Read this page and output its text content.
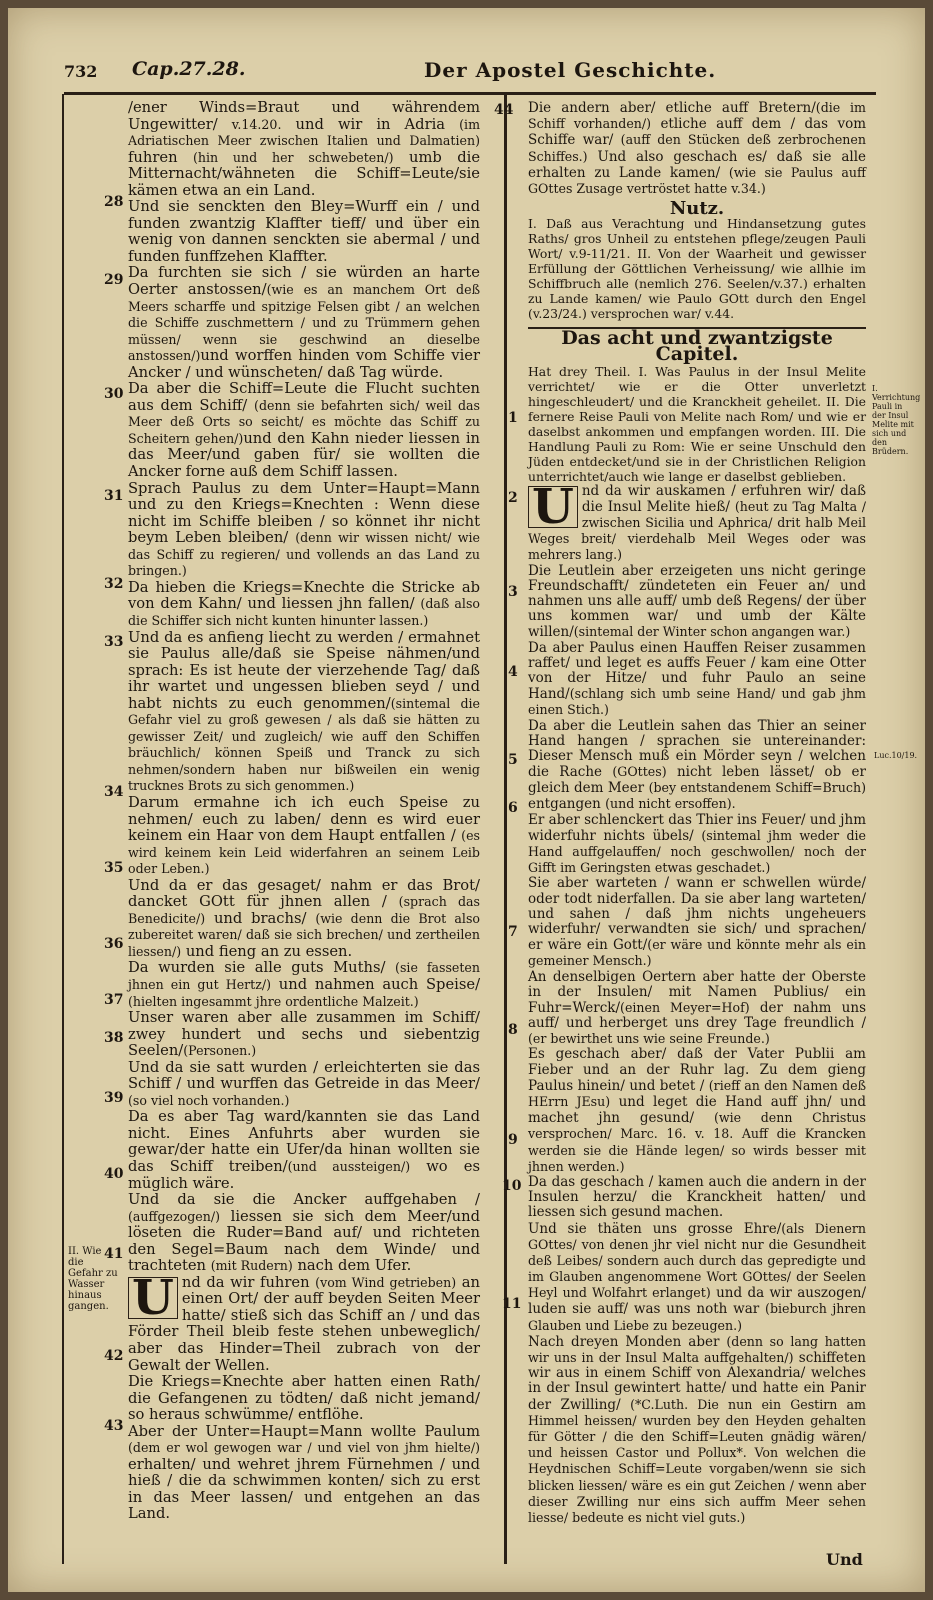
732 Cap.27.28.	Der Apostel Geschichte.

/ener Winds=Braut und währendem Ungewitter/ v.14.20. und wir in Adria (im Adriatischen Meer zwischen Italien und Dalmatien) fuhren (hin und her schwebeten/) umb die Mitternacht/wähneten die Schiff=Leute/sie kämen etwa an ein Land.

Und sie senckten den Bley=Wurff ein / und funden zwantzig Klaffter tieff/ und über ein wenig von dannen senckten sie abermal / und funden funffzehen Klaffter.

Da furchten sie sich / sie würden an harte Oerter anstossen/(wie es an manchem Ort deß Meers scharffe und spitzige Felsen gibt / an welchen die Schiffe zuschmettern / und zu Trümmern gehen müssen/ wenn sie geschwind an dieselbe anstossen/)und worffen hinden vom Schiffe vier Ancker / und wünscheten/ daß Tag würde.

Da aber die Schiff=Leute die Flucht suchten aus dem Schiff/ (denn sie befahrten sich/ weil das Meer deß Orts so seicht/ es möchte das Schiff zu Scheitern gehen/)und den Kahn nieder liessen in das Meer/und gaben für/ sie wollten die Ancker forne auß dem Schiff lassen.

Sprach Paulus zu dem Unter=Haupt=Mann und zu den Kriegs=Knechten : Wenn diese nicht im Schiffe bleiben / so könnet ihr nicht beym Leben bleiben/ (denn wir wissen nicht/ wie das Schiff zu regieren/ und vollends an das Land zu bringen.)

Da hieben die Kriegs=Knechte die Stricke ab von dem Kahn/ und liessen jhn fallen/ (daß also die Schiffer sich nicht kunten hinunter lassen.)

Und da es anfieng liecht zu werden / ermahnet sie Paulus alle/daß sie Speise nähmen/und sprach: Es ist heute der vierzehende Tag/ daß ihr wartet und ungessen blieben seyd / und habt nichts zu euch genommen/(sintemal die Gefahr viel zu groß gewesen / als daß sie hätten zu gewisser Zeit/ und zugleich/ wie auff den Schiffen bräuchlich/ können Speiß und Tranck zu sich nehmen/sondern haben nur bißweilen ein wenig trucknes Brots zu sich genommen.)

Darum ermahne ich ich euch Speise zu nehmen/ euch zu laben/ denn es wird euer keinem ein Haar von dem Haupt entfallen / (es wird keinem kein Leid widerfahren an seinem Leib oder Leben.)

Und da er das gesaget/ nahm er das Brot/ dancket GOtt für jhnen allen / (sprach das Benedicite/) und brachs/ (wie denn die Brot also zubereitet waren/ daß sie sich brechen/ und zertheilen liessen/) und fieng an zu essen.

Da wurden sie alle guts Muths/ (sie fasseten jhnen ein gut Hertz/) und nahmen auch Speise/ (hielten ingesammt jhre ordentliche Malzeit.)

Unser waren aber alle zusammen im Schiff/ zwey hundert und sechs und siebentzig Seelen/(Personen.)

Und da sie satt wurden / erleichterten sie das Schiff / und wurffen das Getreide in das Meer/ (so viel noch vorhanden.)

Da es aber Tag ward/kannten sie das Land nicht. Eines Anfuhrts aber wurden sie gewar/der hatte ein Ufer/da hinan wollten sie das Schiff treiben/(und aussteigen/) wo es müglich wäre.

Und da sie die Ancker auffgehaben / (auffgezogen/) liessen sie sich dem Meer/und löseten die Ruder=Band auf/ und richteten den Segel=Baum nach dem Winde/ und trachteten (mit Rudern) nach dem Ufer.

U nd da wir fuhren (vom Wind getrieben) an einen Ort/ der auff beyden Seiten Meer hatte/ stieß sich das Schiff an / und das Förder Theil bleib feste stehen unbeweglich/ aber das Hinder=Theil zubrach von der Gewalt der Wellen.

Die Kriegs=Knechte aber hatten einen Rath/ die Gefangenen zu tödten/ daß nicht jemand/ so heraus schwümme/ entflöhe.

Aber der Unter=Haupt=Mann wollte Paulum (dem er wol gewogen war / und viel von jhm hielte/) erhalten/ und wehret jhrem Fürnehmen / und hieß / die da schwimmen konten/ sich zu erst in das Meer lassen/ und entgehen an das Land.

28
29
30
31
32
33
34
35
36
37
38
39
40
41
42
43
II. Wie die Gefahr zu Wasser hinaus gangen.

Die andern aber/ etliche auff Bretern/(die im Schiff vorhanden/) etliche auff dem / das vom Schiffe war/ (auff den Stücken deß zerbrochenen Schiffes.) Und also geschach es/ daß sie alle erhalten zu Lande kamen/ (wie sie Paulus auff GOttes Zusage vertröstet hatte v.34.)

Nutz.

I. Daß aus Verachtung und Hindansetzung gutes Raths/ gros Unheil zu entstehen pflege/zeugen Pauli Wort/ v.9-11/21. II. Von der Waarheit und gewisser Erfüllung der Göttlichen Verheissung/ wie allhie im Schiffbruch alle (nemlich 276. Seelen/v.37.) erhalten zu Lande kamen/ wie Paulo GOtt durch den Engel (v.23/24.) versprochen war/ v.44.

Das acht und zwantzigste Capitel.

Hat drey Theil. I. Was Paulus in der Insul Melite verrichtet/ wie er die Otter unverletzt hingeschleudert/ und die Kranckheit geheilet. II. Die fernere Reise Pauli von Melite nach Rom/ und wie er daselbst ankommen und empfangen worden. III. Die Handlung Pauli zu Rom: Wie er seine Unschuld den Jüden entdecket/und sie in der Christlichen Religion unterrichtet/auch wie lange er daselbst geblieben.

U nd da wir auskamen / erfuhren wir/ daß die Insul Melite hieß/ (heut zu Tag Malta / zwischen Sicilia und Aphrica/ drit halb Meil Weges breit/ vierdehalb Meil Weges oder was mehrers lang.)

Die Leutlein aber erzeigeten uns nicht geringe Freundschafft/ zündeteten ein Feuer an/ und nahmen uns alle auff/ umb deß Regens/ der über uns kommen war/ und umb der Kälte willen/(sintemal der Winter schon angangen war.)

Da aber Paulus einen Hauffen Reiser zusammen raffet/ und leget es auffs Feuer / kam eine Otter von der Hitze/ und fuhr Paulo an seine Hand/(schlang sich umb seine Hand/ und gab jhm einen Stich.)

Da aber die Leutlein sahen das Thier an seiner Hand hangen / sprachen sie untereinander: Dieser Mensch muß ein Mörder seyn / welchen die Rache (GOttes) nicht leben lässet/ ob er gleich dem Meer (bey entstandenem Schiff=Bruch) entgangen (und nicht ersoffen).

Er aber schlenckert das Thier ins Feuer/ und jhm widerfuhr nichts übels/ (sintemal jhm weder die Hand auffgelauffen/ noch geschwollen/ noch der Gifft im Geringsten etwas geschadet.)

Sie aber warteten / wann er schwellen würde/ oder todt niderfallen. Da sie aber lang warteten/ und sahen / daß jhm nichts ungeheuers widerfuhr/ verwandten sie sich/ und sprachen/ er wäre ein Gott/(er wäre und könnte mehr als ein gemeiner Mensch.)

An denselbigen Oertern aber hatte der Oberste in der Insulen/ mit Namen Publius/ ein Fuhr=Werck/(einen Meyer=Hof) der nahm uns auff/ und herberget uns drey Tage freundlich / (er bewirthet uns wie seine Freunde.)

Es geschach aber/ daß der Vater Publii am Fieber und an der Ruhr lag. Zu dem gieng Paulus hinein/ und betet / (rieff an den Namen deß HErrn JEsu) und leget die Hand auff jhn/ und machet jhn gesund/ (wie denn Christus versprochen/ Marc. 16. v. 18. Auff die Krancken werden sie die Hände legen/ so wirds besser mit jhnen werden.)

Da das geschach / kamen auch die andern in der Insulen herzu/ die Kranckheit hatten/ und liessen sich gesund machen.

Und sie thäten uns grosse Ehre/(als Dienern GOttes/ von denen jhr viel nicht nur die Gesundheit deß Leibes/ sondern auch durch das gepredigte und im Glauben angenommene Wort GOttes/ der Seelen Heyl und Wolfahrt erlanget) und da wir auszogen/ luden sie auff/ was uns noth war (bieburch jhren Glauben und Liebe zu bezeugen.)

Nach dreyen Monden aber (denn so lang hatten wir uns in der Insul Malta auffgehalten/) schiffeten wir aus in einem Schiff von Alexandria/ welches in der Insul gewintert hatte/ und hatte ein Panir der Zwilling/ (*C.Luth. Die nun ein Gestirn am Himmel heissen/ wurden bey den Heyden gehalten für Götter / die den Schiff=Leuten gnädig wären/ und heissen Castor und Pollux*. Von welchen die Heydnischen Schiff=Leute vorgaben/wenn sie sich blicken liessen/ wäre es ein gut Zeichen / wenn aber dieser Zwilling nur eins sich auffm Meer sehen liesse/ bedeute es nicht viel guts.)

44
1
2
3
4
5
6
7
8
9
10
11
I. Verrichtung Pauli in der Insul Melite mit sich und den Brüdern.
Luc.10/19.
Und
